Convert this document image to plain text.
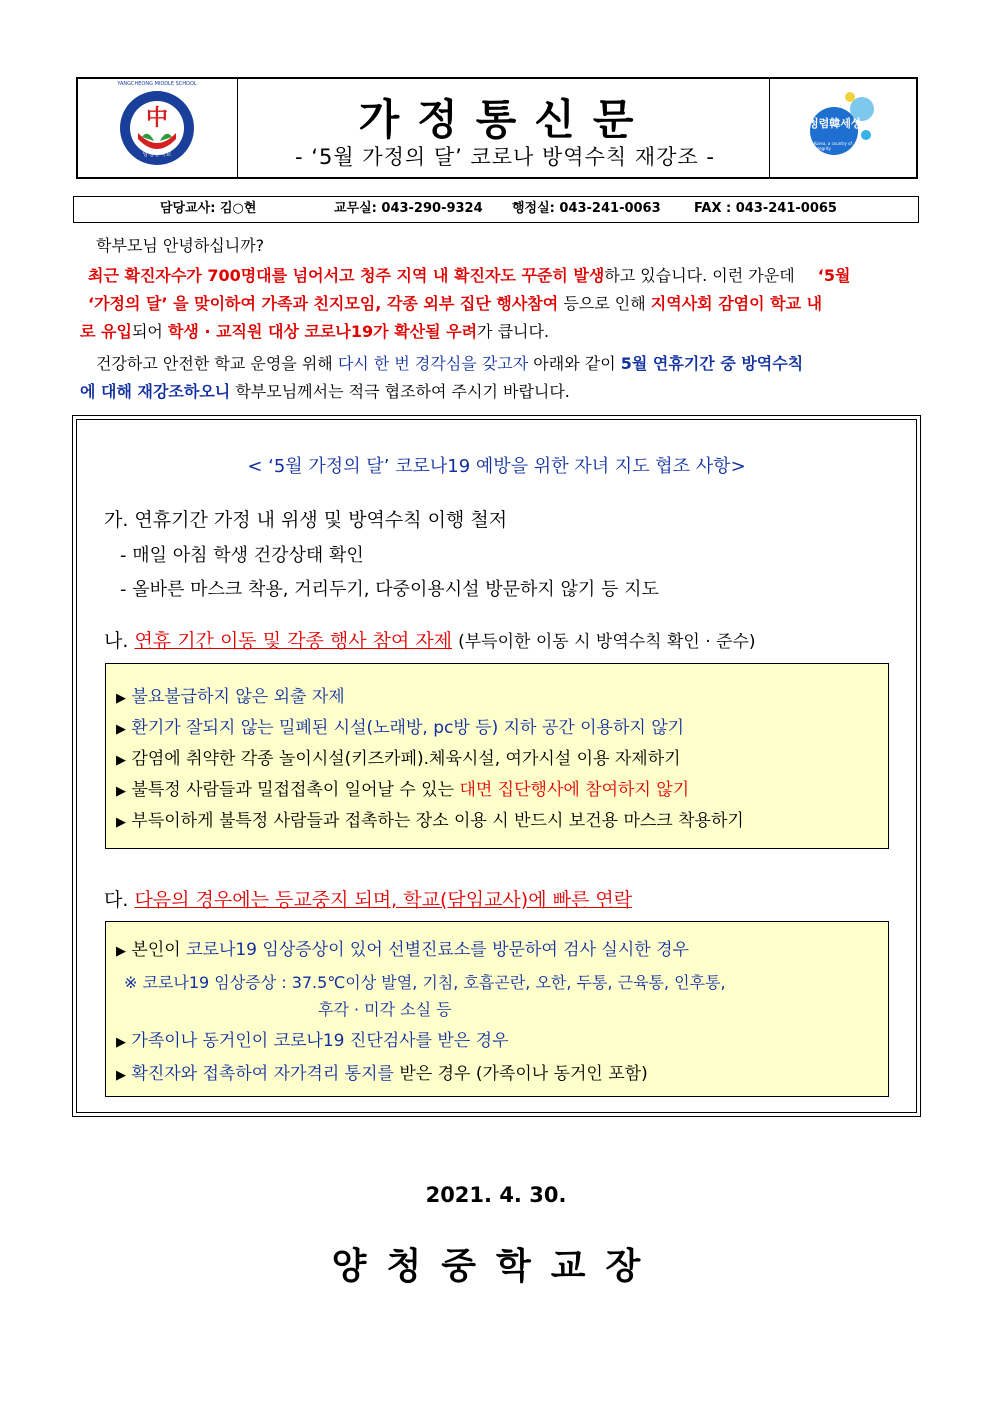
中
YANGCHEONG MIDDLE SCHOOL
양청중학교
가정통신문
- ‘5월 가정의 달’ 코로나 방역수칙 재강조 -
청렴韓세상
Korea, a country of integrity
담당교사: 김○현	교무실: 043-290-9324 행정실: 043-241-0063	FAX : 043-241-0065
학부모님 안녕하십니까?
최근 확진자수가 700명대를 넘어서고 청주 지역 내 확진자도 꾸준히 발생하고 있습니다. 이런 가운데 ‘5월
‘가정의 달’ 을 맞이하여 가족과 친지모임, 각종 외부 집단 행사참여 등으로 인해 지역사회 감염이 학교 내
로 유입되어 학생 · 교직원 대상 코로나19가 확산될 우려가 큽니다.
건강하고 안전한 학교 운영을 위해 다시 한 번 경각심을 갖고자 아래와 같이 5월 연휴기간 중 방역수칙
에 대해 재강조하오니 학부모님께서는 적극 협조하여 주시기 바랍니다.
< ‘5월 가정의 달’ 코로나19 예방을 위한 자녀 지도 협조 사항>
가. 연휴기간 가정 내 위생 및 방역수칙 이행 철저
- 매일 아침 학생 건강상태 확인
- 올바른 마스크 착용, 거리두기, 다중이용시설 방문하지 않기 등 지도
나. 연휴 기간 이동 및 각종 행사 참여 자제 (부득이한 이동 시 방역수칙 확인 · 준수)
▶ 불요불급하지 않은 외출 자제
▶ 환기가 잘되지 않는 밀폐된 시설(노래방, pc방 등) 지하 공간 이용하지 않기
▶ 감염에 취약한 각종 놀이시설(키즈카페).체육시설, 여가시설 이용 자제하기
▶ 불특정 사람들과 밀접접촉이 일어날 수 있는 대면 집단행사에 참여하지 않기
▶ 부득이하게 불특정 사람들과 접촉하는 장소 이용 시 반드시 보건용 마스크 착용하기
다. 다음의 경우에는 등교중지 되며, 학교(담임교사)에 빠른 연락
▶ 본인이 코로나19 임상증상이 있어 선별진료소를 방문하여 검사 실시한 경우
※ 코로나19 임상증상 : 37.5℃이상 발열, 기침, 호흡곤란, 오한, 두통, 근육통, 인후통,
후각 · 미각 소실 등
▶ 가족이나 동거인이 코로나19 진단검사를 받은 경우
▶ 확진자와 접촉하여 자가격리 통지를 받은 경우 (가족이나 동거인 포함)
2021. 4. 30.
양청중학교장
